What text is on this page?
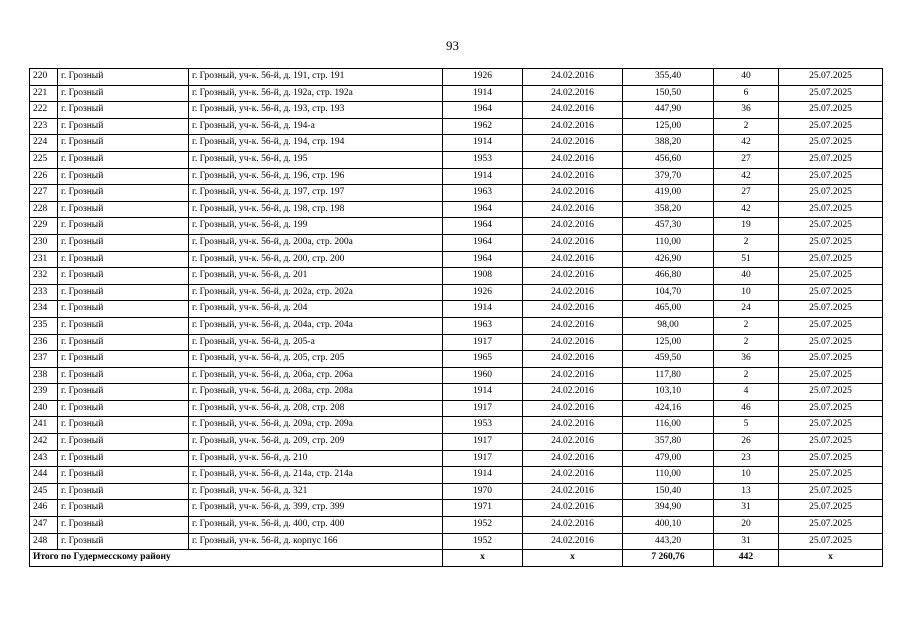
93
220	г. Грозный	г. Грозный, уч-к. 56-й, д. 191, стр. 191	1926	24.02.2016	355,40	40	25.07.2025
221	г. Грозный	г. Грозный, уч-к. 56-й, д. 192а, стр. 192а	1914	24.02.2016	150,50	6	25.07.2025
222	г. Грозный	г. Грозный, уч-к. 56-й, д. 193, стр. 193	1964	24.02.2016	447,90	36	25.07.2025
223	г. Грозный	г. Грозный, уч-к. 56-й, д. 194-а	1962	24.02.2016	125,00	2	25.07.2025
224	г. Грозный	г. Грозный, уч-к. 56-й, д. 194, стр. 194	1914	24.02.2016	388,20	42	25.07.2025
225	г. Грозный	г. Грозный, уч-к. 56-й, д. 195	1953	24.02.2016	456,60	27	25.07.2025
226	г. Грозный	г. Грозный, уч-к. 56-й, д. 196, стр. 196	1914	24.02.2016	379,70	42	25.07.2025
227	г. Грозный	г. Грозный, уч-к. 56-й, д. 197, стр. 197	1963	24.02.2016	419,00	27	25.07.2025
228	г. Грозный	г. Грозный, уч-к. 56-й, д. 198, стр. 198	1964	24.02.2016	358,20	42	25.07.2025
229	г. Грозный	г. Грозный, уч-к. 56-й, д. 199	1964	24.02.2016	457,30	19	25.07.2025
230	г. Грозный	г. Грозный, уч-к. 56-й, д. 200а, стр. 200а	1964	24.02.2016	110,00	2	25.07.2025
231	г. Грозный	г. Грозный, уч-к. 56-й, д. 200, стр. 200	1964	24.02.2016	426,90	51	25.07.2025
232	г. Грозный	г. Грозный, уч-к. 56-й, д. 201	1908	24.02.2016	466,80	40	25.07.2025
233	г. Грозный	г. Грозный, уч-к. 56-й, д. 202а, стр. 202а	1926	24.02.2016	104,70	10	25.07.2025
234	г. Грозный	г. Грозный, уч-к. 56-й, д. 204	1914	24.02.2016	465,00	24	25.07.2025
235	г. Грозный	г. Грозный, уч-к. 56-й, д. 204а, стр. 204а	1963	24.02.2016	98,00	2	25.07.2025
236	г. Грозный	г. Грозный, уч-к. 56-й, д. 205-а	1917	24.02.2016	125,00	2	25.07.2025
237	г. Грозный	г. Грозный, уч-к. 56-й, д. 205, стр. 205	1965	24.02.2016	459,50	36	25.07.2025
238	г. Грозный	г. Грозный, уч-к. 56-й, д. 206а, стр. 206а	1960	24.02.2016	117,80	2	25.07.2025
239	г. Грозный	г. Грозный, уч-к. 56-й, д. 208а, стр. 208а	1914	24.02.2016	103,10	4	25.07.2025
240	г. Грозный	г. Грозный, уч-к. 56-й, д. 208, стр. 208	1917	24.02.2016	424,16	46	25.07.2025
241	г. Грозный	г. Грозный, уч-к. 56-й, д. 209а, стр. 209а	1953	24.02.2016	116,00	5	25.07.2025
242	г. Грозный	г. Грозный, уч-к. 56-й, д. 209, стр. 209	1917	24.02.2016	357,80	26	25.07.2025
243	г. Грозный	г. Грозный, уч-к. 56-й, д. 210	1917	24.02.2016	479,00	23	25.07.2025
244	г. Грозный	г. Грозный, уч-к. 56-й, д. 214а, стр. 214а	1914	24.02.2016	110,00	10	25.07.2025
245	г. Грозный	г. Грозный, уч-к. 56-й, д. 321	1970	24.02.2016	150,40	13	25.07.2025
246	г. Грозный	г. Грозный, уч-к. 56-й, д. 399, стр. 399	1971	24.02.2016	394,90	31	25.07.2025
247	г. Грозный	г. Грозный, уч-к. 56-й, д. 400, стр. 400	1952	24.02.2016	400,10	20	25.07.2025
248	г. Грозный	г. Грозный, уч-к. 56-й, д. корпус 166	1952	24.02.2016	443,20	31	25.07.2025
Итого по Гудермесскому району			x	x	7 260,76	442	x
